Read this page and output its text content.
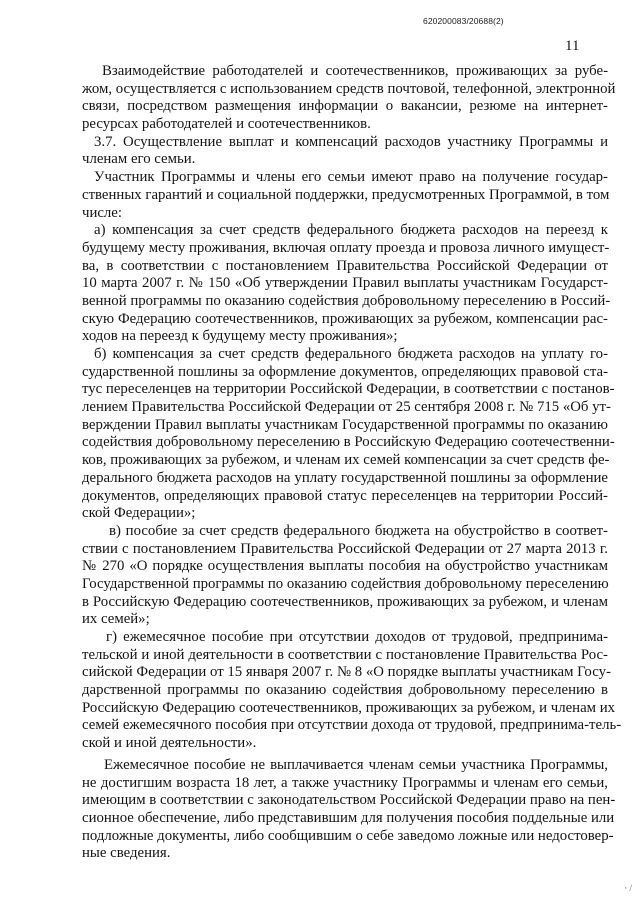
620200083/20688(2)
11
Взаимодействие работодателей и соотечественников, проживающих за рубе-
жом, осуществляется с использованием средств почтовой, телефонной, электронной
связи, посредством размещения информации о вакансии, резюме на интернет-
ресурсах работодателей и соотечественников.
3.7. Осуществление выплат и компенсаций расходов участнику Программы и
членам его семьи.
Участник Программы и члены его семьи имеют право на получение государ-
ственных гарантий и социальной поддержки, предусмотренных Программой, в том
числе:
а) компенсация за счет средств федерального бюджета расходов на переезд к
будущему месту проживания, включая оплату проезда и провоза личного имущест-
ва, в соответствии с постановлением Правительства Российской Федерации от
10 марта 2007 г. № 150 «Об утверждении Правил выплаты участникам Государст-
венной программы по оказанию содействия добровольному переселению в Россий-
скую Федерацию соотечественников, проживающих за рубежом, компенсации рас-
ходов на переезд к будущему месту проживания»;
б) компенсация за счет средств федерального бюджета расходов на уплату го-
сударственной пошлины за оформление документов, определяющих правовой ста-
тус переселенцев на территории Российской Федерации, в соответствии с постанов-
лением Правительства Российской Федерации от 25 сентября 2008 г. № 715 «Об ут-
верждении Правил выплаты участникам Государственной программы по оказанию
содействия добровольному переселению в Российскую Федерацию соотечественни-
ков, проживающих за рубежом, и членам их семей компенсации за счет средств фе-
дерального бюджета расходов на уплату государственной пошлины за оформление
документов, определяющих правовой статус переселенцев на территории Россий-
ской Федерации»;
в) пособие за счет средств федерального бюджета на обустройство в соответ-
ствии с постановлением Правительства Российской Федерации от 27 марта 2013 г.
№ 270 «О порядке осуществления выплаты пособия на обустройство участникам
Государственной программы по оказанию содействия добровольному переселению
в Российскую Федерацию соотечественников, проживающих за рубежом, и членам
их семей»;
г) ежемесячное пособие при отсутствии доходов от трудовой, предпринима-
тельской и иной деятельности в соответствии с постановление Правительства Рос-
сийской Федерации от 15 января 2007 г. № 8 «О порядке выплаты участникам Госу-
дарственной программы по оказанию содействия добровольному переселению в
Российскую Федерацию соотечественников, проживающих за рубежом, и членам их
семей ежемесячного пособия при отсутствии дохода от трудовой, предпринима-тель-
ской и иной деятельности».
Ежемесячное пособие не выплачивается членам семьи участника Программы,
не достигшим возраста 18 лет, а также участнику Программы и членам его семьи,
имеющим в соответствии с законодательством Российской Федерации право на пен-
сионное обеспечение, либо представившим для получения пособия поддельные или
подложные документы, либо сообщившим о себе заведомо ложные или недостовер-
ные сведения.
· /
